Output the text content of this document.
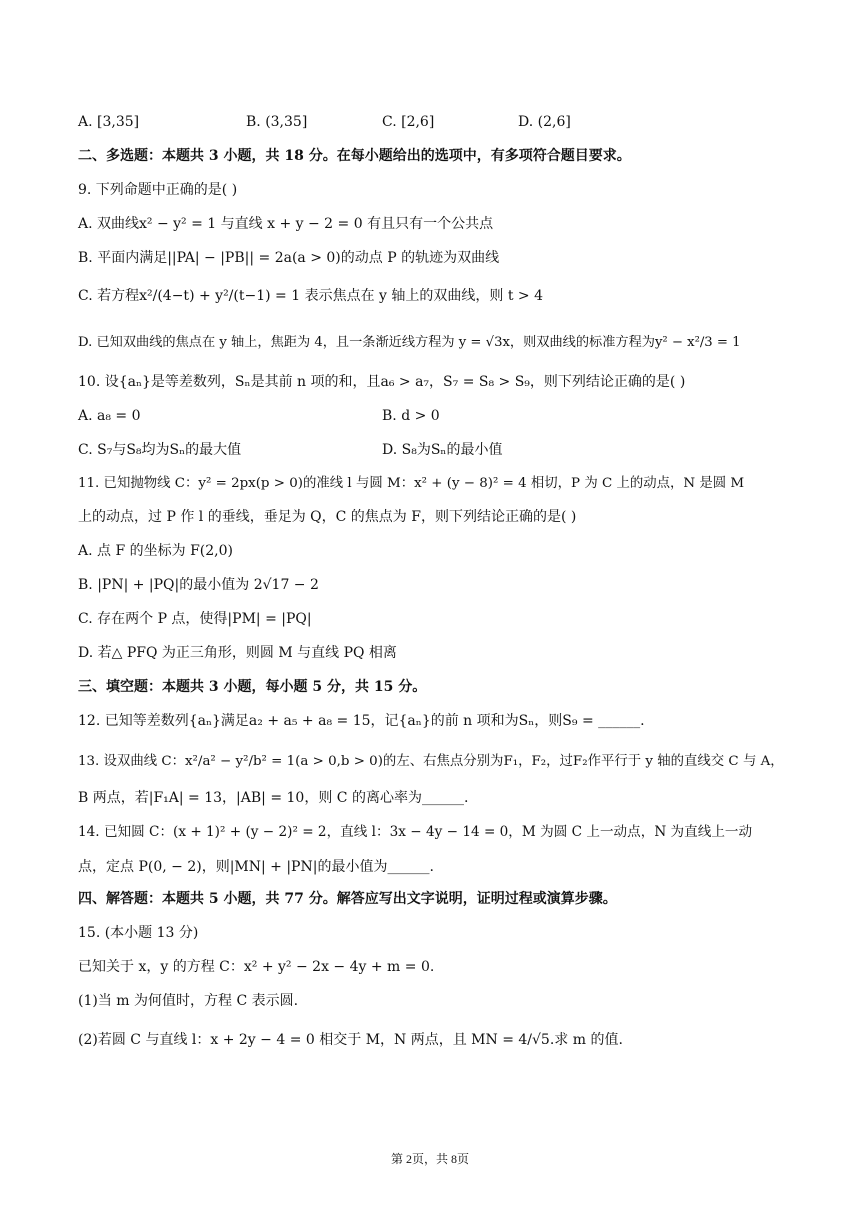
A. [3,35]	B. (3,35]	C. [2,6]	D. (2,6]
二、多选题：本题共 3 小题，共 18 分。在每小题给出的选项中，有多项符合题目要求。
9. 下列命题中正确的是( )
A. 双曲线x² − y² = 1 与直线 x + y − 2 = 0 有且只有一个公共点
B. 平面内满足||PA| − |PB|| = 2a(a > 0)的动点 P 的轨迹为双曲线
C. 若方程x²/(4−t) + y²/(t−1) = 1 表示焦点在 y 轴上的双曲线，则 t > 4
D. 已知双曲线的焦点在 y 轴上，焦距为 4，且一条渐近线方程为 y = √3x，则双曲线的标准方程为y² − x²/3 = 1
10. 设{aₙ}是等差数列，Sₙ是其前 n 项的和，且a₆ > a₇，S₇ = S₈ > S₉，则下列结论正确的是( )
A. a₈ = 0	B. d > 0
C. S₇与S₈均为Sₙ的最大值	D. S₈为Sₙ的最小值
11. 已知抛物线 C：y² = 2px(p > 0)的准线 l 与圆 M：x² + (y − 8)² = 4 相切，P 为 C 上的动点，N 是圆 M
上的动点，过 P 作 l 的垂线，垂足为 Q，C 的焦点为 F，则下列结论正确的是( )
A. 点 F 的坐标为 F(2,0)
B. |PN| + |PQ|的最小值为 2√17 − 2
C. 存在两个 P 点，使得|PM| = |PQ|
D. 若△ PFQ 为正三角形，则圆 M 与直线 PQ 相离
三、填空题：本题共 3 小题，每小题 5 分，共 15 分。
12. 已知等差数列{aₙ}满足a₂ + a₅ + a₈ = 15，记{aₙ}的前 n 项和为Sₙ，则S₉ = ______.
13. 设双曲线 C：x²/a² − y²/b² = 1(a > 0,b > 0)的左、右焦点分别为F₁，F₂，过F₂作平行于 y 轴的直线交 C 与 A，
B 两点，若|F₁A| = 13，|AB| = 10，则 C 的离心率为______.
14. 已知圆 C：(x + 1)² + (y − 2)² = 2，直线 l：3x − 4y − 14 = 0，M 为圆 C 上一动点，N 为直线上一动
点，定点 P(0, − 2)，则|MN| + |PN|的最小值为______.
四、解答题：本题共 5 小题，共 77 分。解答应写出文字说明，证明过程或演算步骤。
15. (本小题 13 分)
已知关于 x，y 的方程 C：x² + y² − 2x − 4y + m = 0.
(1)当 m 为何值时，方程 C 表示圆.
(2)若圆 C 与直线 l：x + 2y − 4 = 0 相交于 M，N 两点，且 MN = 4/√5.求 m 的值.
第 2页，共 8页
